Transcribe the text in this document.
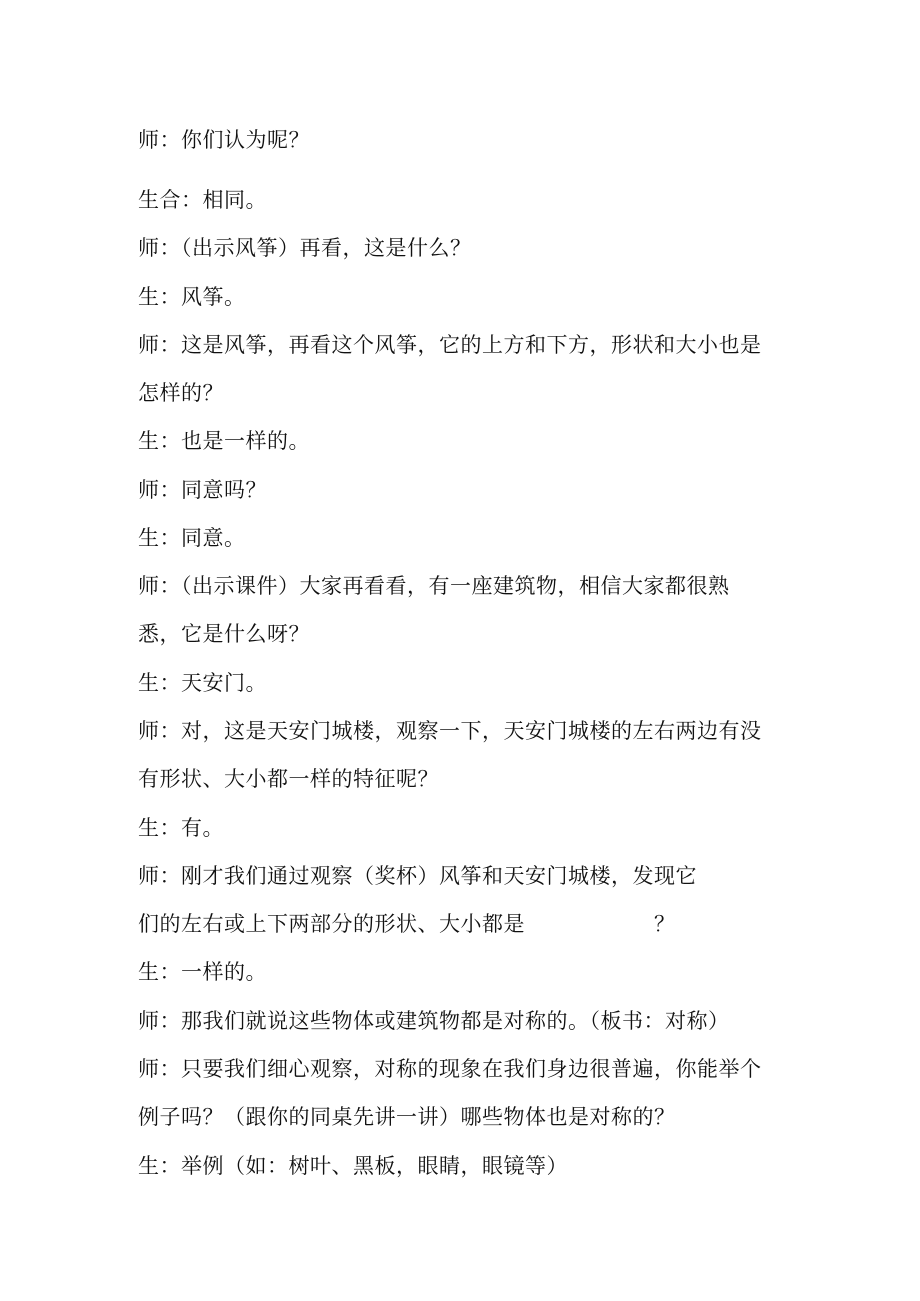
师：你们认为呢？
生合：相同。
师：（出示风筝）再看，这是什么？
生：风筝。
师：这是风筝，再看这个风筝，它的上方和下方，形状和大小也是
怎样的？
生：也是一样的。
师：同意吗？
生：同意。
师：（出示课件）大家再看看，有一座建筑物，相信大家都很熟
悉，它是什么呀？
生：天安门。
师：对，这是天安门城楼，观察一下，天安门城楼的左右两边有没
有形状、大小都一样的特征呢？
生：有。
师：刚才我们通过观察（奖杯）风筝和天安门城楼，发现它
们的左右或上下两部分的形状、大小都是	？
生：一样的。
师：那我们就说这些物体或建筑物都是对称的。（板书：对称）
师：只要我们细心观察，对称的现象在我们身边很普遍，你能举个
例子吗？（跟你的同桌先讲一讲）哪些物体也是对称的？
生：举例（如：树叶、黑板，眼睛，眼镜等）
